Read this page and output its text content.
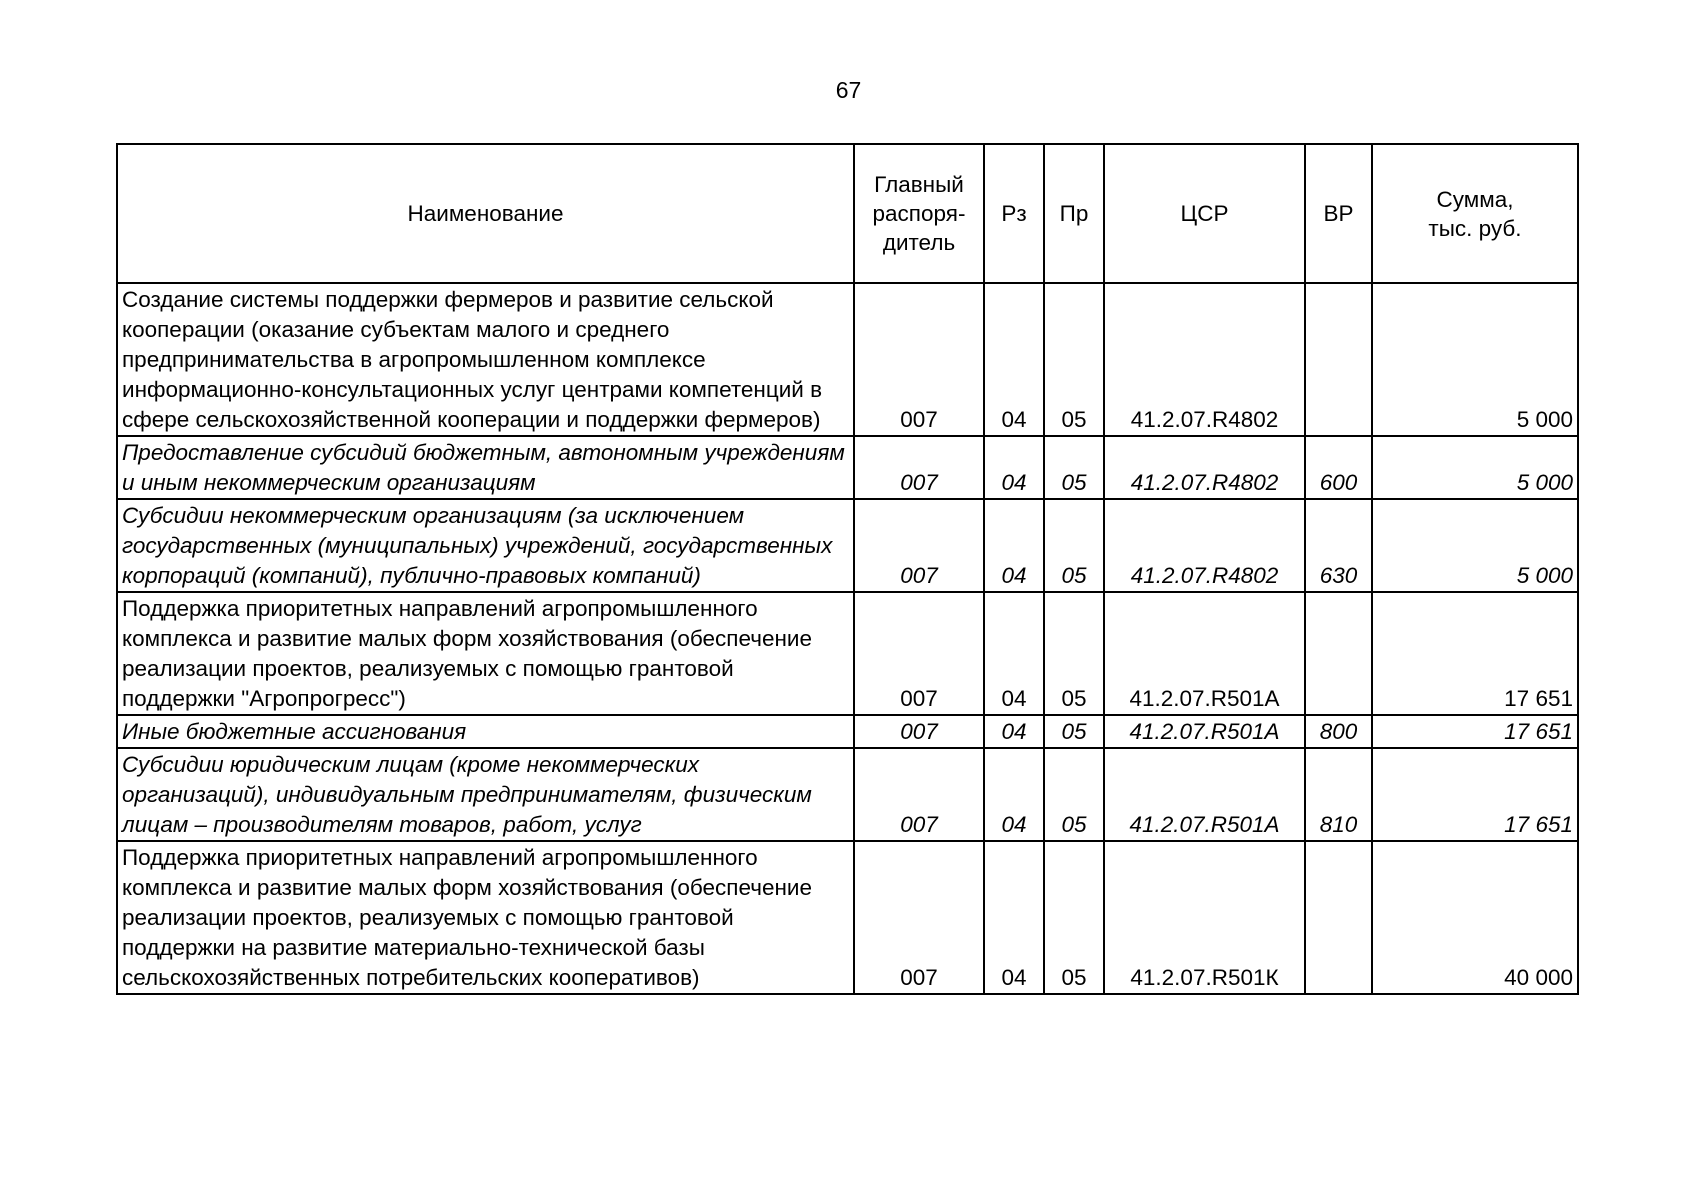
67
Наименование	Главный распоря-дитель	Рз	Пр	ЦСР	ВР	Сумма, тыс. руб.

Создание системы поддержки фермеров и развитие сельской кооперации (оказание субъектам малого и среднего предпринимательства в агропромышленном комплексе информационно-консультационных услуг центрами компетенций в сфере сельскохозяйственной кооперации и поддержки фермеров)	007	04	05	41.2.07.R4802		5 000
Предоставление субсидий бюджетным, автономным учреждениям и иным некоммерческим организациям	007	04	05	41.2.07.R4802	600	5 000
Субсидии некоммерческим организациям (за исключением государственных (муниципальных) учреждений, государственных корпораций (компаний), публично-правовых компаний)	007	04	05	41.2.07.R4802	630	5 000
Поддержка приоритетных направлений агропромышленного комплекса и развитие малых форм хозяйствования (обеспечение реализации проектов, реализуемых с помощью грантовой поддержки "Агропрогресс")	007	04	05	41.2.07.R501A		17 651
Иные бюджетные ассигнования	007	04	05	41.2.07.R501A	800	17 651
Субсидии юридическим лицам (кроме некоммерческих организаций), индивидуальным предпринимателям, физическим лицам – производителям товаров, работ, услуг	007	04	05	41.2.07.R501A	810	17 651
Поддержка приоритетных направлений агропромышленного комплекса и развитие малых форм хозяйствования (обеспечение реализации проектов, реализуемых с помощью грантовой поддержки на развитие материально-технической базы сельскохозяйственных потребительских кооперативов)	007	04	05	41.2.07.R501К		40 000
